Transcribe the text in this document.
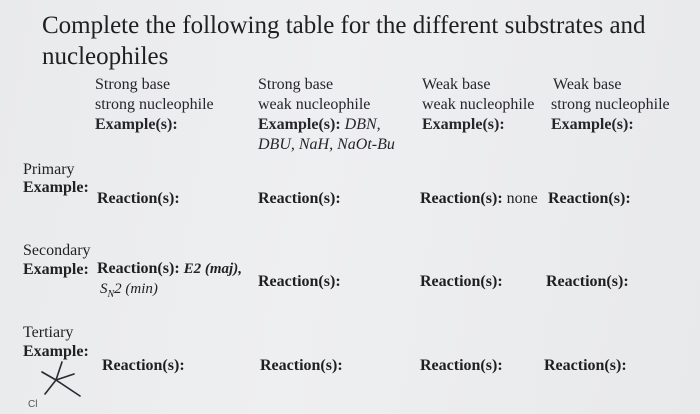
Complete the following table for the different substrates and
nucleophiles
Strong base
strong nucleophile
Example(s):
Strong base
weak nucleophile
Example(s): DBN,
DBU, NaH, NaOt-Bu
Weak base
weak nucleophile
Example(s):
Weak base
strong nucleophile
Example(s):
Primary
Example:
Reaction(s):	Reaction(s):	Reaction(s): none Reaction(s):
Secondary
Example: Reaction(s): E2 (maj),
$S_N2$ (min)	Reaction(s):	Reaction(s):	Reaction(s):
Tertiary
Example:
Reaction(s):	Reaction(s):	Reaction(s):	Reaction(s):
Cl
